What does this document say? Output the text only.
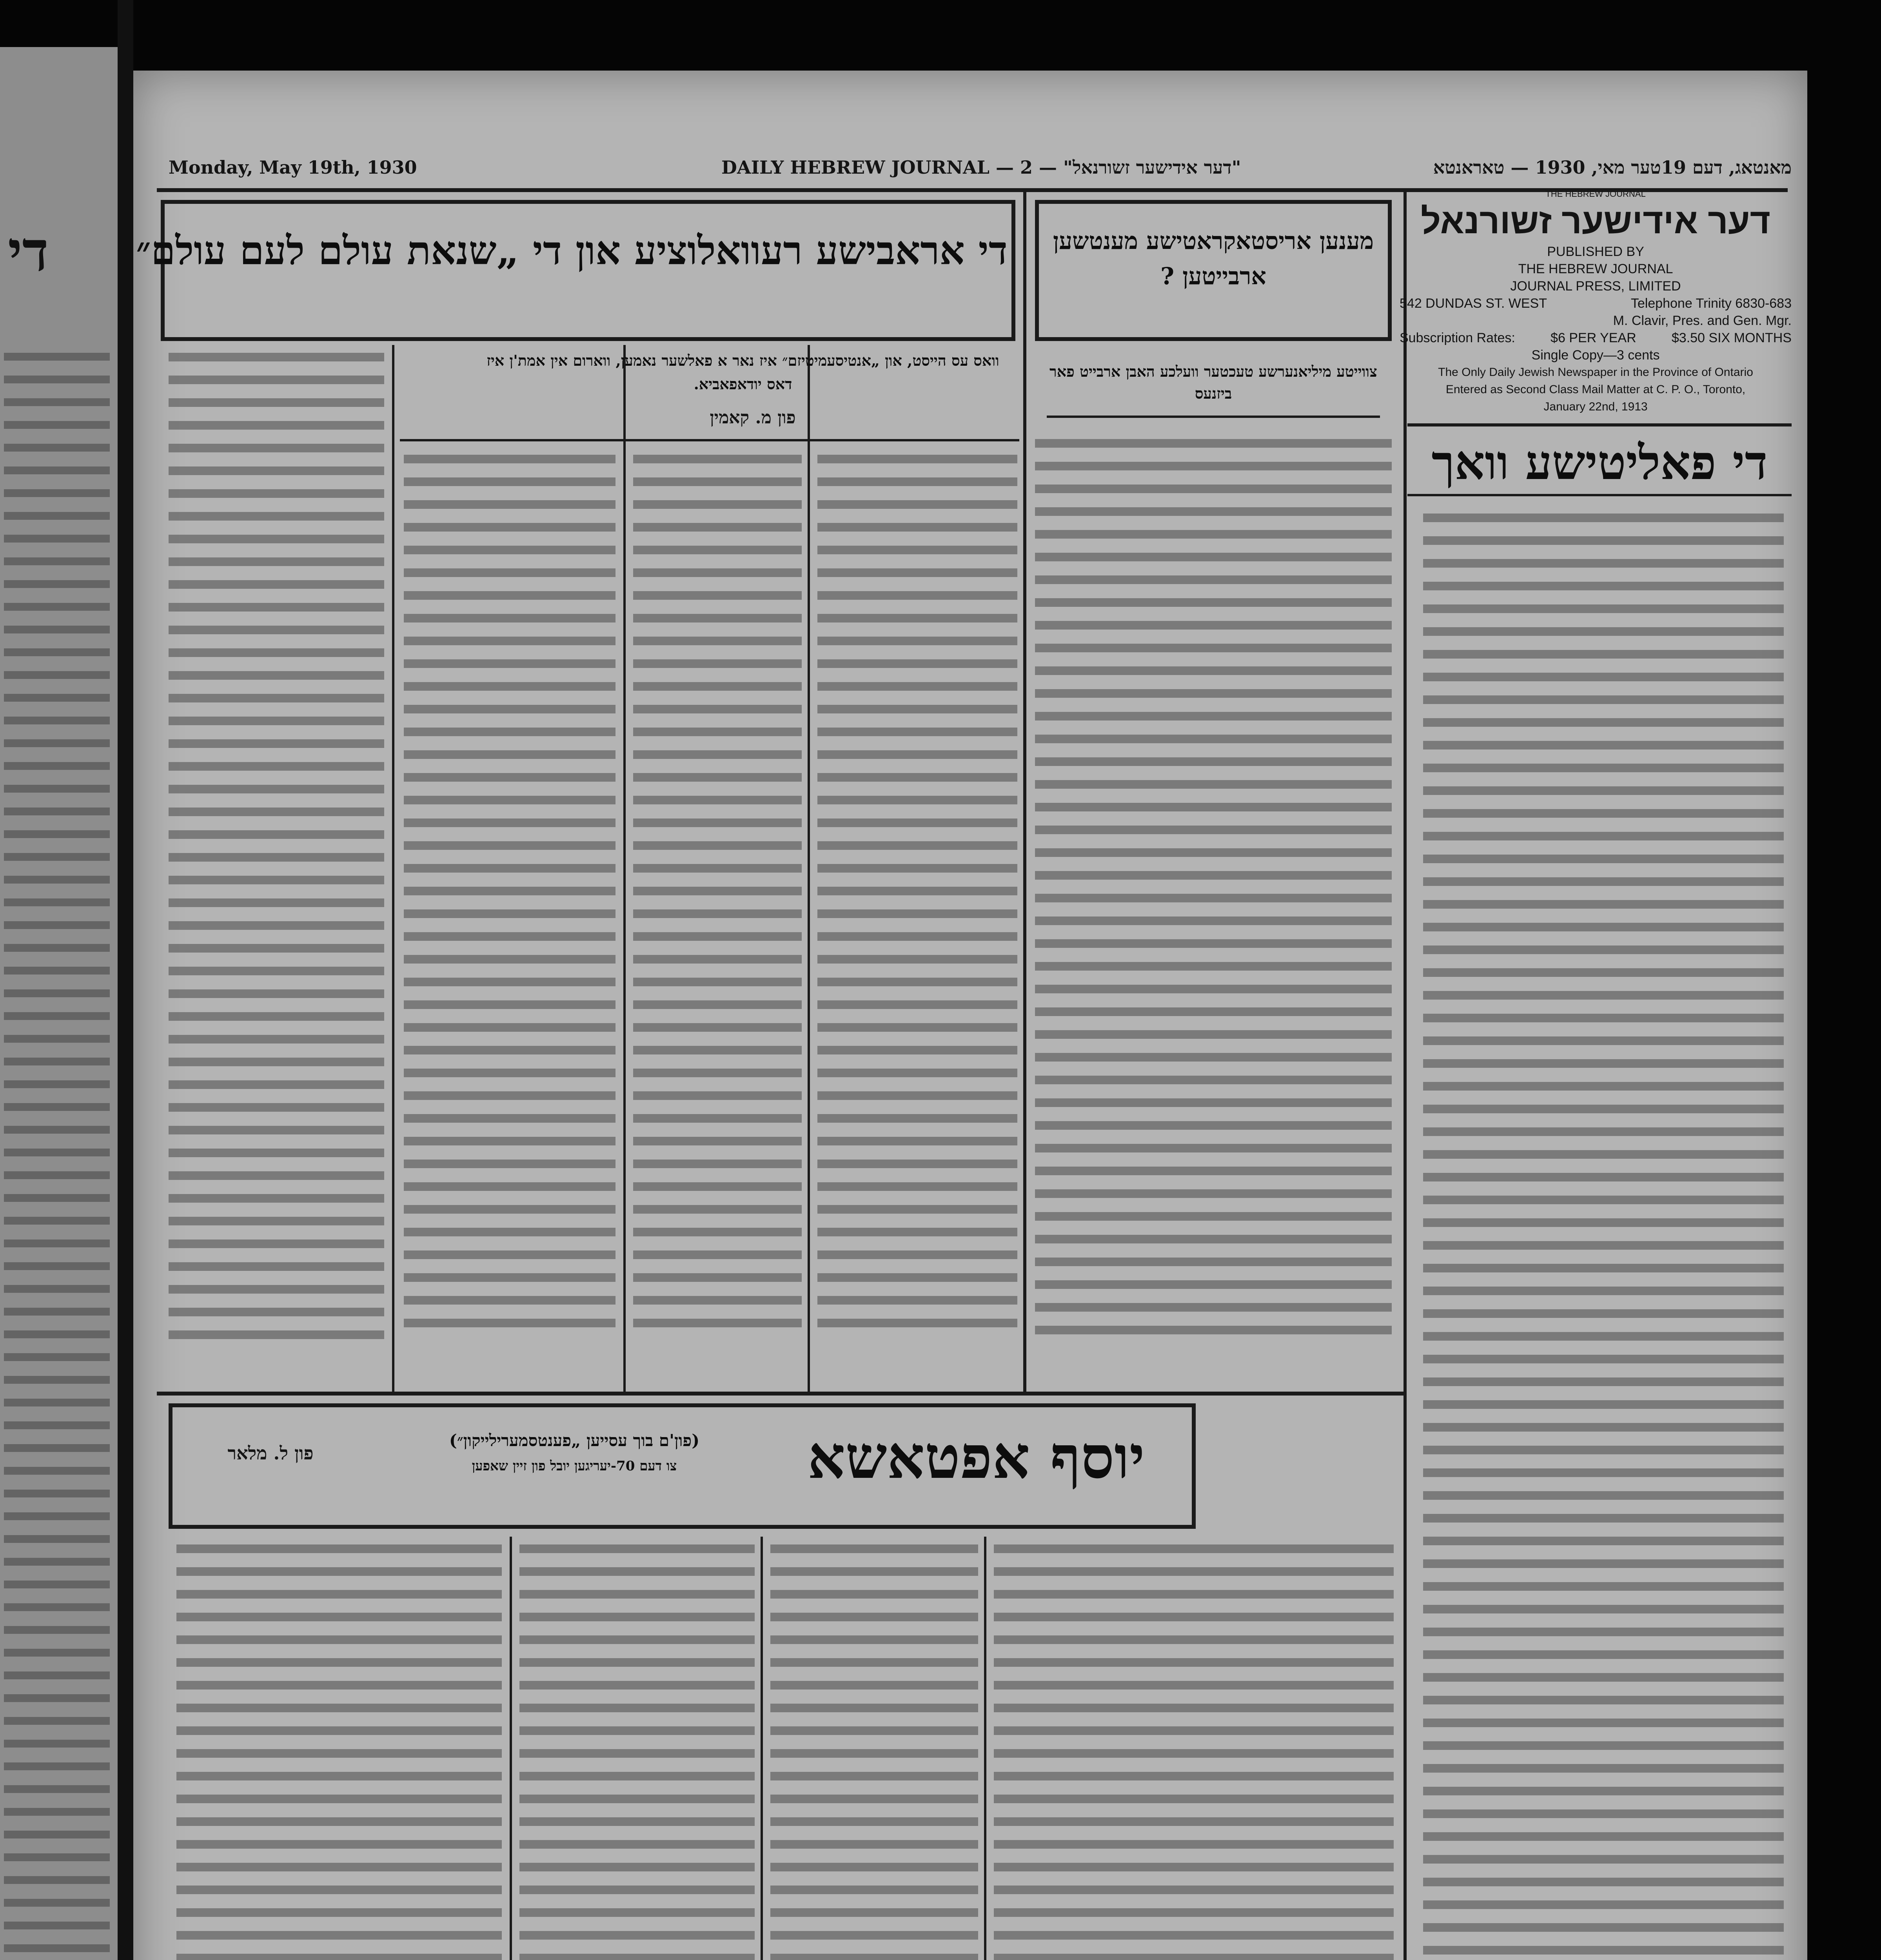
די
Monday, May 19th, 1930	DAILY HEBREW JOURNAL — 2 — "דער אידישער זשורנאל"	מאנטאג, דעם 19טער מאי, 1930 — טאראנטא
THE HEBREW JOURNAL
דער אידישער זשורנאל
PUBLISHED BY
THE HEBREW JOURNAL
JOURNAL PRESS, LIMITED
542 DUNDAS ST. WEST	Telephone Trinity 6830-683
M. Clavir, Pres. and Gen. Mgr.
Subscription Rates:	$6 PER YEAR	$3.50 SIX MONTHS
Single Copy—3 cents
The Only Daily Jewish Newspaper in the Province of Ontario
Entered as Second Class Mail Matter at C. P. O., Toronto,
January 22nd, 1913
די פאליטישע וואך
מענען אריסטאקראטישע מענטשען ארבייטען ?
צווייטע מיליאנערשע טעכטער וועלכע האבן ארבייט פאר ביזנעס
די אראבישע רעוואלוציע און די „שנאת עולם לעם עולם״
וואס עס הייסט, און „אנטיסעמיטיזם״ איז נאר א פאלשער נאמען, ווארום אין אמת'ן איז דאס יודאפאביא.
פון מ. קאמין
יוסף אפטאשא
(פון'ם בוך עסייען „פענטסמערילייקון״)
צו דעם 70-יעריגען יובל פון זיין שאפען
פון ל. מלאר
